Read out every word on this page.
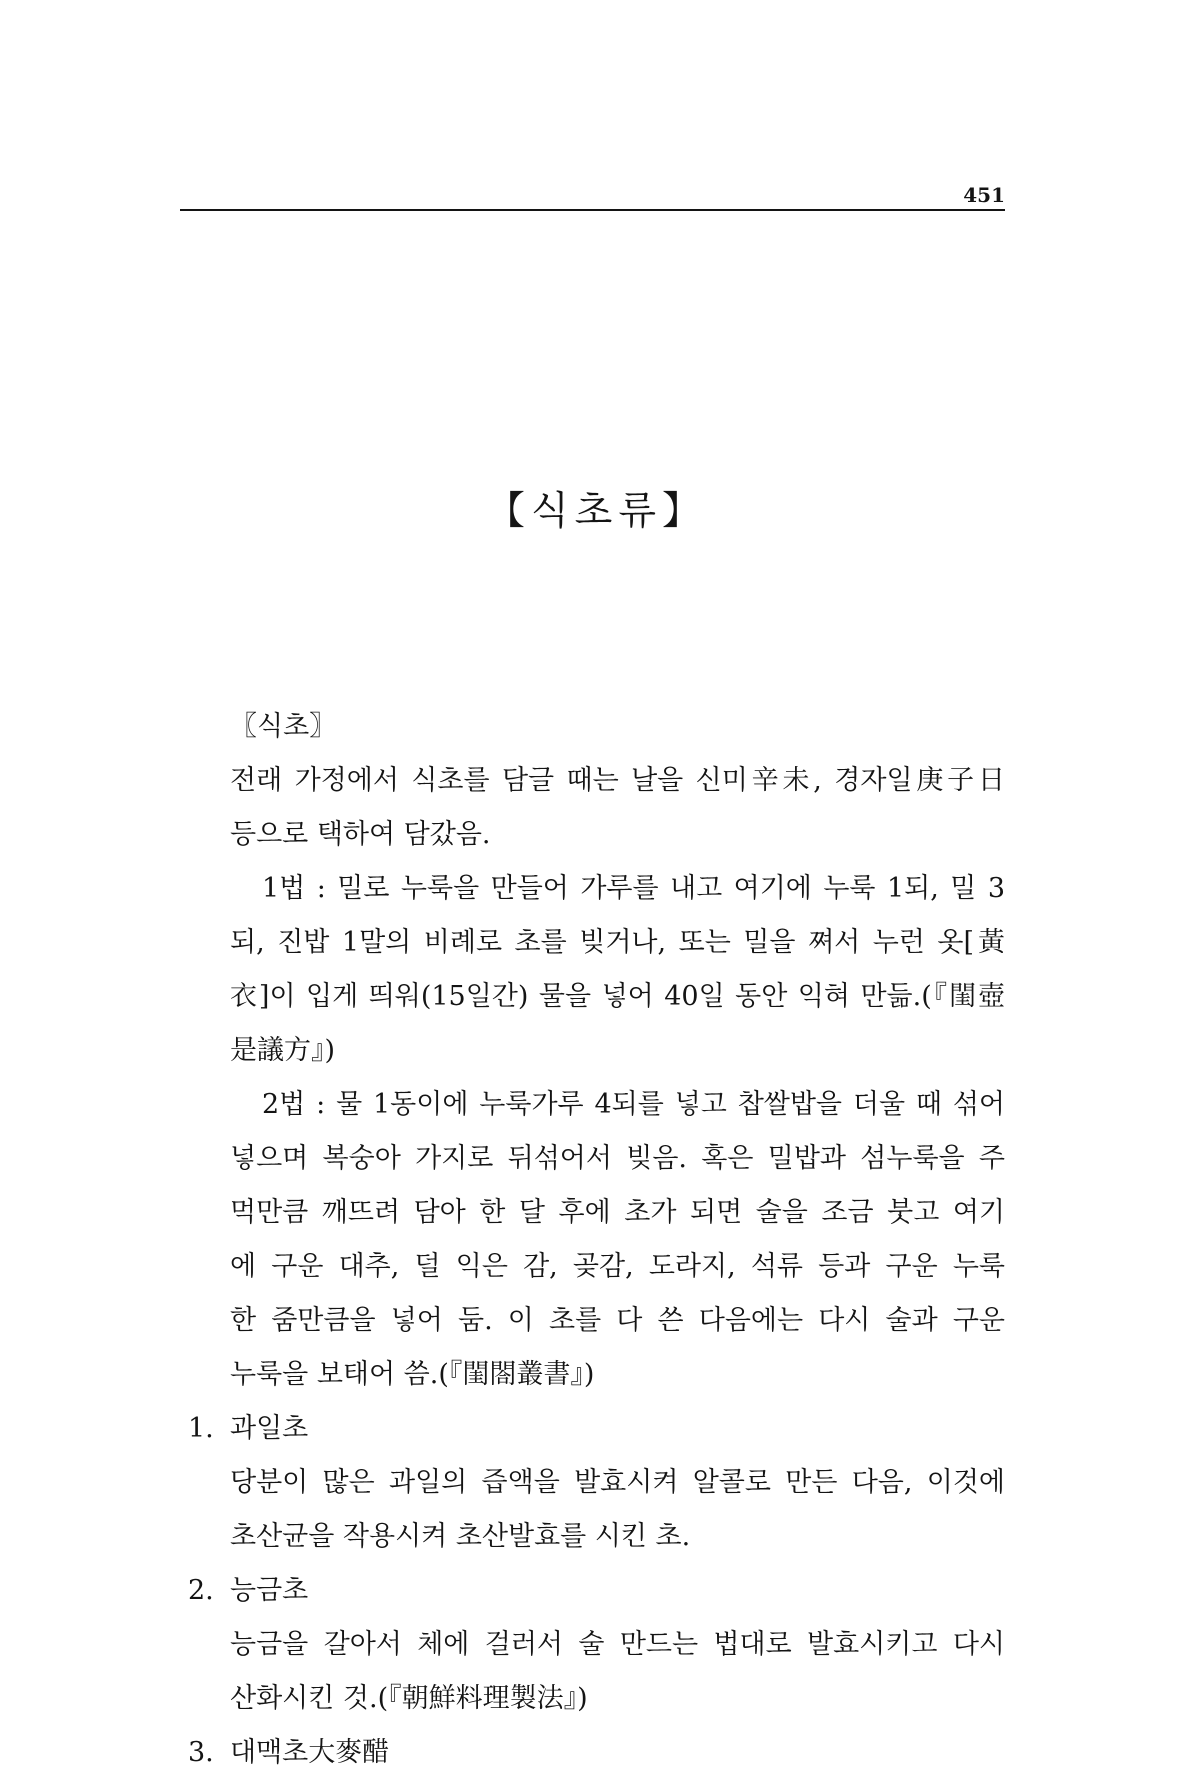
451
【식초류】
〖식초〗
전래 가정에서 식초를 담글 때는 날을 신미辛未, 경자일庚子日
등으로 택하여 담갔음.
1법 : 밀로 누룩을 만들어 가루를 내고 여기에 누룩 1되, 밀 3
되, 진밥 1말의 비례로 초를 빚거나, 또는 밀을 쪄서 누런 옷[黃
衣]이 입게 띄워(15일간) 물을 넣어 40일 동안 익혀 만듦.(『閨壺
是議方』)
2법 : 물 1동이에 누룩가루 4되를 넣고 찹쌀밥을 더울 때 섞어
넣으며 복숭아 가지로 뒤섞어서 빚음. 혹은 밀밥과 섬누룩을 주
먹만큼 깨뜨려 담아 한 달 후에 초가 되면 술을 조금 붓고 여기
에 구운 대추, 덜 익은 감, 곶감, 도라지, 석류 등과 구운 누룩
한 줌만큼을 넣어 둠. 이 초를 다 쓴 다음에는 다시 술과 구운
누룩을 보태어 씀.(『閨閤叢書』)
1. 과일초
당분이 많은 과일의 즙액을 발효시켜 알콜로 만든 다음, 이것에
초산균을 작용시켜 초산발효를 시킨 초.
2. 능금초
능금을 갈아서 체에 걸러서 술 만드는 법대로 발효시키고 다시
산화시킨 것.(『朝鮮料理製法』)
3. 대맥초大麥醋
